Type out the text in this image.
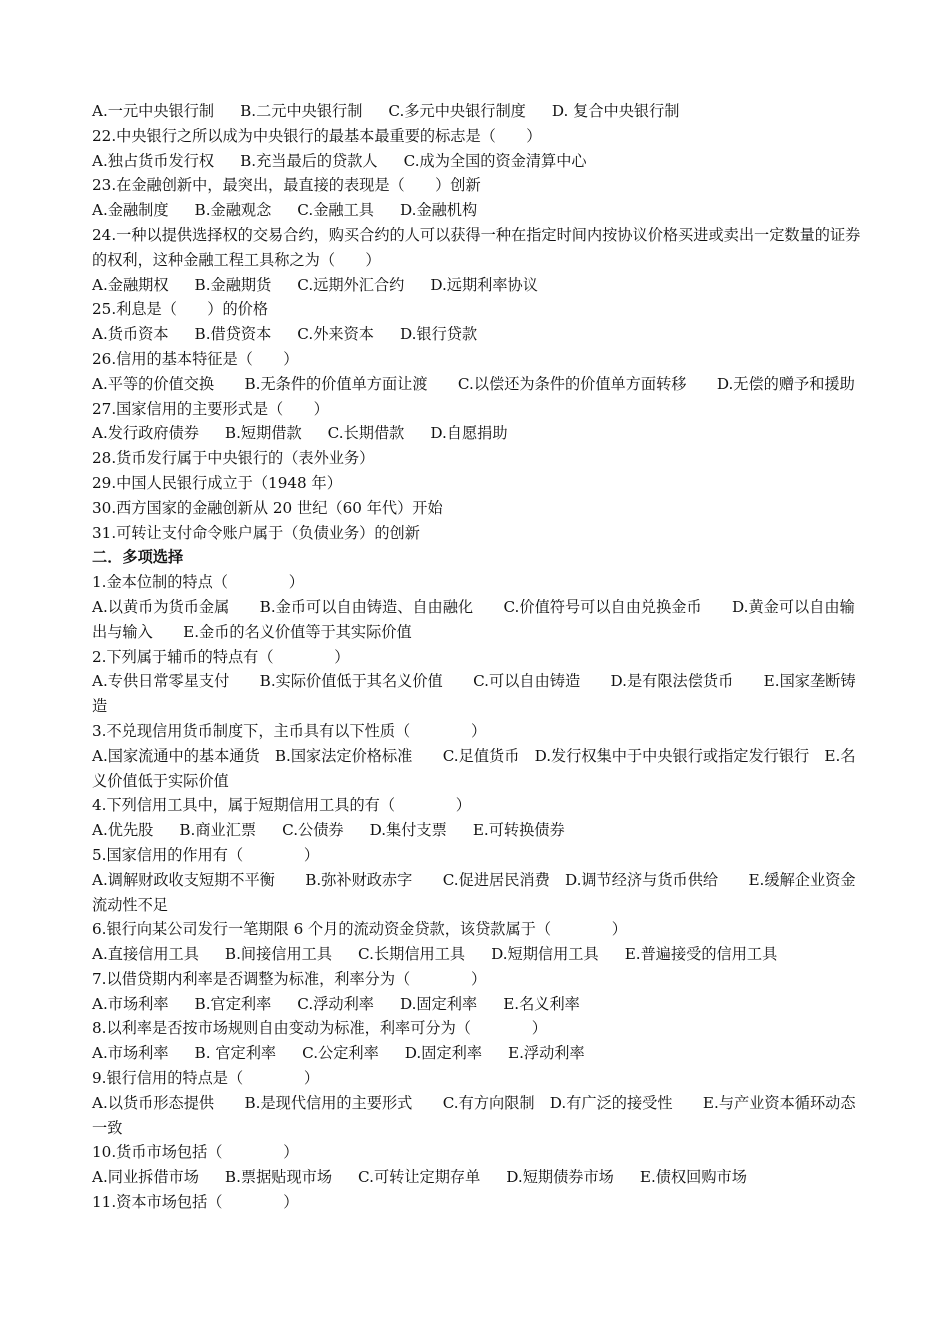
A.一元中央银行制 B.二元中央银行制 C.多元中央银行制度 D. 复合中央银行制
22.中央银行之所以成为中央银行的最基本最重要的标志是（　　）
A.独占货币发行权 B.充当最后的贷款人 C.成为全国的资金清算中心
23.在金融创新中，最突出，最直接的表现是（　　）创新
A.金融制度 B.金融观念 C.金融工具 D.金融机构
24.一种以提供选择权的交易合约，购买合约的人可以获得一种在指定时间内按协议价格买进或卖出一定数量的证券的权利，这种金融工程工具称之为（　　）
A.金融期权 B.金融期货 C.远期外汇合约 D.远期利率协议
25.利息是（　　）的价格
A.货币资本 B.借贷资本 C.外来资本 D.银行贷款
26.信用的基本特征是（　　）
A.平等的价值交换　　B.无条件的价值单方面让渡　　C.以偿还为条件的价值单方面转移　　D.无偿的赠予和援助
27.国家信用的主要形式是（　　）
A.发行政府债券 B.短期借款 C.长期借款 D.自愿捐助
28.货币发行属于中央银行的（表外业务）
29.中国人民银行成立于（1948 年）
30.西方国家的金融创新从 20 世纪（60 年代）开始
31.可转让支付命令账户属于（负债业务）的创新
二．多项选择
1.金本位制的特点（　　　　）
A.以黄币为货币金属　　B.金币可以自由铸造、自由融化　　C.价值符号可以自由兑换金币　　D.黄金可以自由输出与输入　　E.金币的名义价值等于其实际价值
2.下列属于辅币的特点有（　　　　）
A.专供日常零星支付　　B.实际价值低于其名义价值　　C.可以自由铸造　　D.是有限法偿货币　　E.国家垄断铸造
3.不兑现信用货币制度下，主币具有以下性质（　　　　）
A.国家流通中的基本通货　B.国家法定价格标准　　C.足值货币　D.发行权集中于中央银行或指定发行银行　E.名义价值低于实际价值
4.下列信用工具中，属于短期信用工具的有（　　　　）
A.优先股 B.商业汇票 C.公债券 D.集付支票 E.可转换债券
5.国家信用的作用有（　　　　）
A.调解财政收支短期不平衡　　B.弥补财政赤字　　C.促进居民消费　D.调节经济与货币供给　　E.缓解企业资金流动性不足
6.银行向某公司发行一笔期限 6 个月的流动资金贷款，该贷款属于（　　　　）
A.直接信用工具 B.间接信用工具 C.长期信用工具 D.短期信用工具 E.普遍接受的信用工具
7.以借贷期内利率是否调整为标准，利率分为（　　　　）
A.市场利率 B.官定利率 C.浮动利率 D.固定利率 E.名义利率
8.以利率是否按市场规则自由变动为标准，利率可分为（　　　　）
A.市场利率 B. 官定利率 C.公定利率 D.固定利率 E.浮动利率
9.银行信用的特点是（　　　　）
A.以货币形态提供　　B.是现代信用的主要形式　　C.有方向限制　D.有广泛的接受性　　E.与产业资本循环动态一致
10.货币市场包括（　　　　）
A.同业拆借市场 B.票据贴现市场 C.可转让定期存单 D.短期债券市场 E.债权回购市场
11.资本市场包括（　　　　）
